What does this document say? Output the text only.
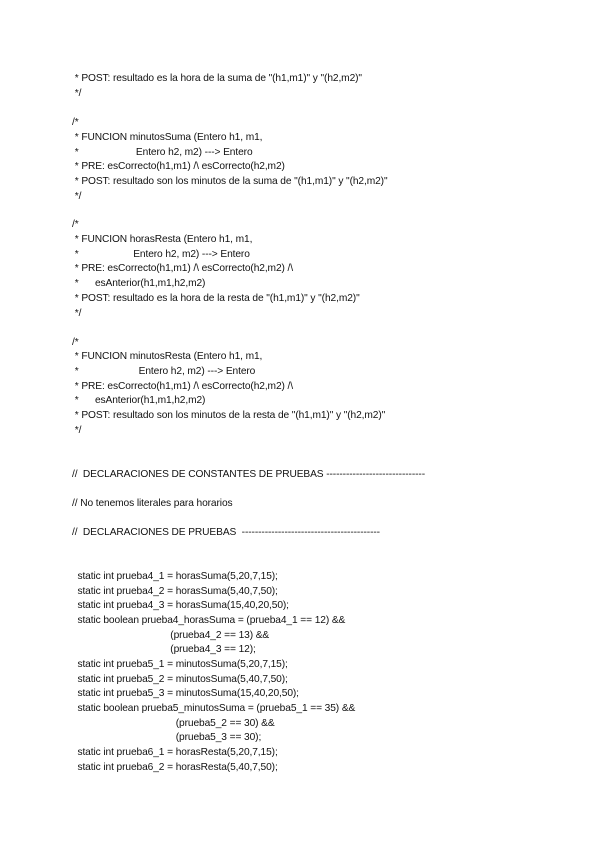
* POST: resultado es la hora de la suma de "(h1,m1)" y "(h2,m2)"
*/
/*
* FUNCION minutosSuma (Entero h1, m1,
*                     Entero h2, m2) ---> Entero
* PRE: esCorrecto(h1,m1) /\ esCorrecto(h2,m2)
* POST: resultado son los minutos de la suma de "(h1,m1)" y "(h2,m2)"
*/
/*
* FUNCION horasResta (Entero h1, m1,
*                    Entero h2, m2) ---> Entero
* PRE: esCorrecto(h1,m1) /\ esCorrecto(h2,m2) /\
*      esAnterior(h1,m1,h2,m2)
* POST: resultado es la hora de la resta de "(h1,m1)" y "(h2,m2)"
*/
/*
* FUNCION minutosResta (Entero h1, m1,
*                      Entero h2, m2) ---> Entero
* PRE: esCorrecto(h1,m1) /\ esCorrecto(h2,m2) /\
*      esAnterior(h1,m1,h2,m2)
* POST: resultado son los minutos de la resta de "(h1,m1)" y "(h2,m2)"
*/
//  DECLARACIONES DE CONSTANTES DE PRUEBAS ------------------------------
// No tenemos literales para horarios
//  DECLARACIONES DE PRUEBAS  ------------------------------------------
static int prueba4_1 = horasSuma(5,20,7,15);
static int prueba4_2 = horasSuma(5,40,7,50);
static int prueba4_3 = horasSuma(15,40,20,50);
static boolean prueba4_horasSuma = (prueba4_1 == 12) &&
(prueba4_2 == 13) &&
(prueba4_3 == 12);
static int prueba5_1 = minutosSuma(5,20,7,15);
static int prueba5_2 = minutosSuma(5,40,7,50);
static int prueba5_3 = minutosSuma(15,40,20,50);
static boolean prueba5_minutosSuma = (prueba5_1 == 35) &&
(prueba5_2 == 30) &&
(prueba5_3 == 30);
static int prueba6_1 = horasResta(5,20,7,15);
static int prueba6_2 = horasResta(5,40,7,50);
